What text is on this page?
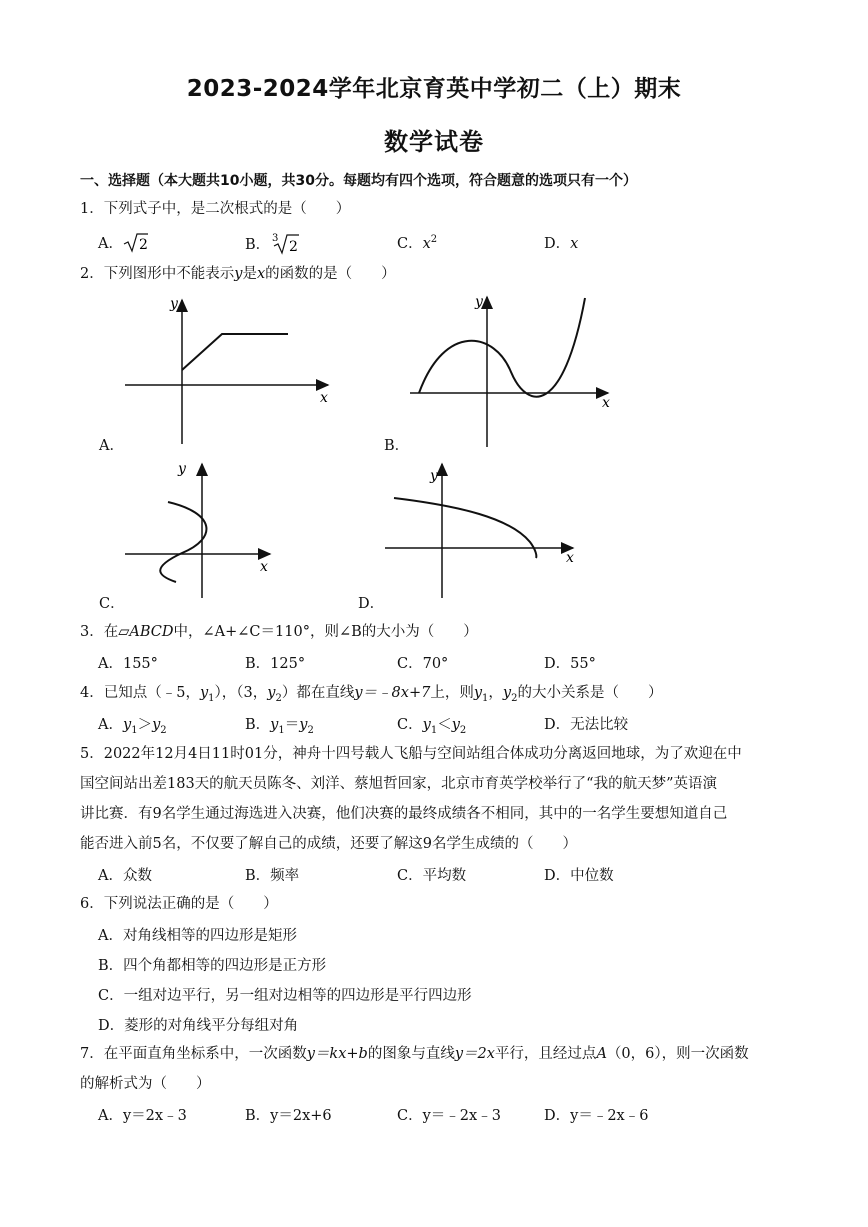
2023-2024学年北京育英中学初二（上）期末
数学试卷
一、选择题（本大题共10小题，共30分。每题均有四个选项，符合题意的选项只有一个）
1．下列式子中，是二次根式的是（　　）
A． 2	B． 3
2	C．$x^2$	D．x
2．下列图形中不能表示y是x的函数的是（　　）
y
x
A．
y
x
B．
y
x
C．
y
x
D．
3．在▱ABCD中，∠A+∠C＝110°，则∠B的大小为（　　）
A．155°	B．125°	C．70°	D．55°
4．已知点（﹣5，$y_1$），（3，$y_2$）都在直线y＝﹣8x+7上，则$y_1$，$y_2$的大小关系是（　　）
A．$y_1>y_2$	B．$y_1=y_2$	C．$y_1<y_2$	D．无法比较
5．2022年12月4日11时01分，神舟十四号载人飞船与空间站组合体成功分离返回地球，为了欢迎在中
国空间站出差183天的航天员陈冬、刘洋、蔡旭哲回家，北京市育英学校举行了“我的航天梦”英语演
讲比赛．有9名学生通过海选进入决赛，他们决赛的最终成绩各不相同，其中的一名学生要想知道自己
能否进入前5名，不仅要了解自己的成绩，还要了解这9名学生成绩的（　　）
A．众数	B．频率	C．平均数	D．中位数
6．下列说法正确的是（　　）
A．对角线相等的四边形是矩形
B．四个角都相等的四边形是正方形
C．一组对边平行，另一组对边相等的四边形是平行四边形
D．菱形的对角线平分每组对角
7．在平面直角坐标系中，一次函数y＝kx+b的图象与直线y＝2x平行，且经过点A（0，6），则一次函数
的解析式为（　　）
A．y＝2x﹣3	B．y＝2x+6	C．y＝﹣2x﹣3	D．y＝﹣2x﹣6
